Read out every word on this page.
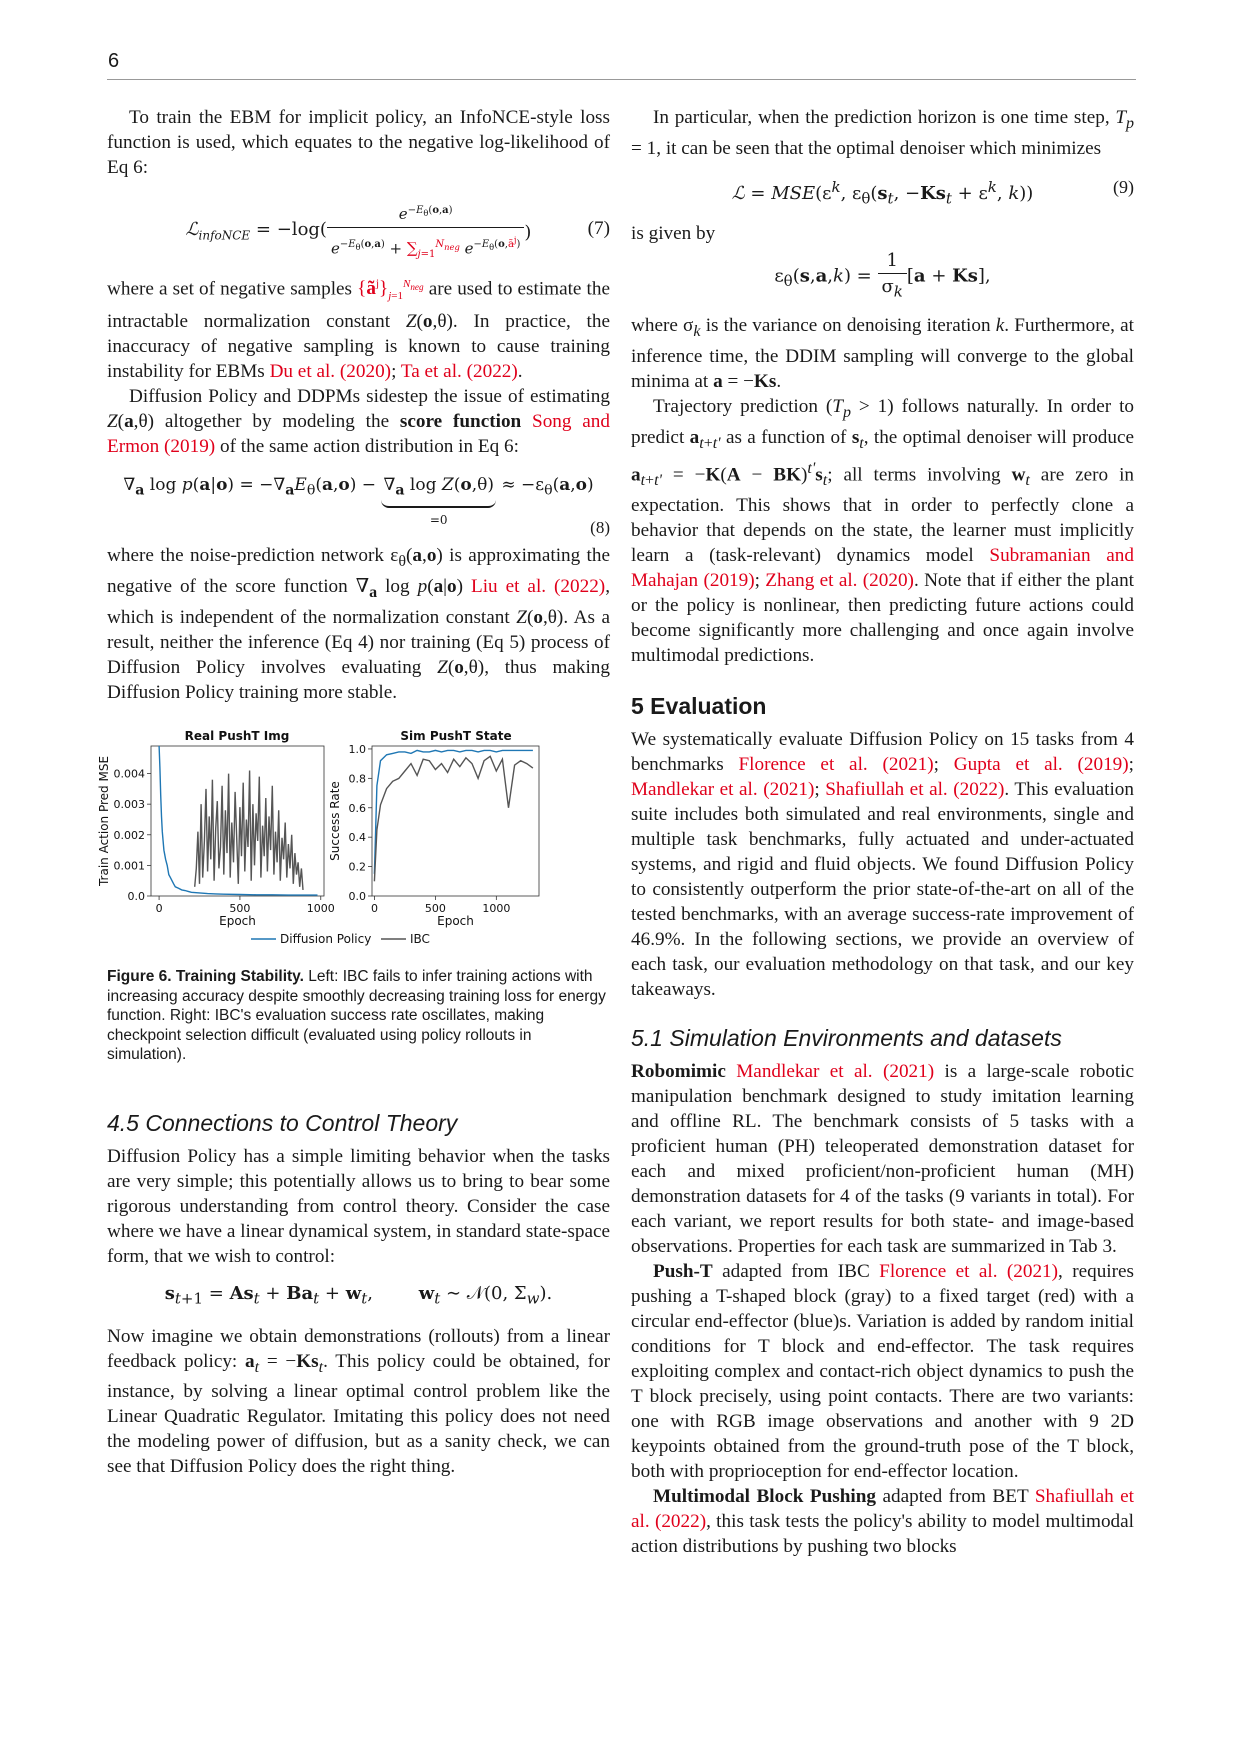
6

To train the EBM for implicit policy, an InfoNCE-style loss function is used, which equates to the negative log-likelihood of Eq 6:

ℒ$_{infoNCE}$ = $-\log( \frac{e^{-E_\theta(o,a)}}{e^{-E_\theta(o,a)} + \sum_{j=1}^{N_{neg}} e^{-E_\theta(o,ã^j)}}$ )	(7)

where a set of negative samples $\{ã^j\}_{j=1}^{N_{neg}}$ are used to estimate the intractable normalization constant Z(o,θ). In practice, the inaccuracy of negative sampling is known to cause training instability for EBMs Du et al. (2020); Ta et al. (2022).

Diffusion Policy and DDPMs sidestep the issue of estimating Z(a,θ) altogether by modeling the score function Song and Ermon (2019) of the same action distribution in Eq 6:

$\nabla_a$ $\log p(a|o) = -\nabla_aE_\theta(a,o) - \nabla_a$ log Z(o,θ)
=0
≈ $-\varepsilon_\theta(a,o)$
(8)

where the noise-prediction network $\varepsilon_\theta(a,o)$ is approximating the negative of the score function $\nabla_a$ log p(a|o) Liu et al. (2022), which is independent of the normalization constant Z(o,θ). As a result, neither the inference (Eq 4) nor training (Eq 5) process of Diffusion Policy involves evaluating Z(o,θ), thus making Diffusion Policy training more stable.

0.0
0.001
0.002
0.003
0.004
0	500	1000
Real PushT Img
Epoch
Train Action Pred MSE
0.0
0.2
0.4
0.6
0.8
1.0
0	500	1000
Sim PushT State
Epoch
Success Rate
Diffusion Policy	IBC
Figure 6. Training Stability. Left: IBC fails to infer training actions with increasing accuracy despite smoothly decreasing training loss for energy function. Right: IBC's evaluation success rate oscillates, making checkpoint selection difficult (evaluated using policy rollouts in simulation).
4.5 Connections to Control Theory

Diffusion Policy has a simple limiting behavior when the tasks are very simple; this potentially allows us to bring to bear some rigorous understanding from control theory. Consider the case where we have a linear dynamical system, in standard state-space form, that we wish to control:

$s_{t+1} = As_t + Ba_t + w_t$,        $w_t$ ∼ 𝒩(0, $\Sigma_w$).

Now imagine we obtain demonstrations (rollouts) from a linear feedback policy: $a_t = -Ks_t$. This policy could be obtained, for instance, by solving a linear optimal control problem like the Linear Quadratic Regulator. Imitating this policy does not need the modeling power of diffusion, but as a sanity check, we can see that Diffusion Policy does the right thing.

In particular, when the prediction horizon is one time step, $T_p = 1$, it can be seen that the optimal denoiser which minimizes

ℒ = $MSE(\varepsilon^k$, $\varepsilon_\theta(s_t$, $-Ks_t + \varepsilon^k$, k))	(9)

is given by

$\varepsilon_\theta(s,a,k) = \frac{1}{\sigma_k} [a + Ks]$,

where $\sigma_k$ is the variance on denoising iteration k. Furthermore, at inference time, the DDIM sampling will converge to the global minima at a = −Ks.

Trajectory prediction $(T_p > 1)$ follows naturally. In order to predict $a_{t+t'}$ as a function of $s_t$, the optimal denoiser will produce $a_{t+t'} = -K(A - BK)^{t'}s_t$; all terms involving $w_t$ are zero in expectation. This shows that in order to perfectly clone a behavior that depends on the state, the learner must implicitly learn a (task-relevant) dynamics model Subramanian and Mahajan (2019); Zhang et al. (2020). Note that if either the plant or the policy is nonlinear, then predicting future actions could become significantly more challenging and once again involve multimodal predictions.

5 Evaluation

We systematically evaluate Diffusion Policy on 15 tasks from 4 benchmarks Florence et al. (2021); Gupta et al. (2019); Mandlekar et al. (2021); Shafiullah et al. (2022). This evaluation suite includes both simulated and real environments, single and multiple task benchmarks, fully actuated and under-actuated systems, and rigid and fluid objects. We found Diffusion Policy to consistently outperform the prior state-of-the-art on all of the tested benchmarks, with an average success-rate improvement of 46.9%. In the following sections, we provide an overview of each task, our evaluation methodology on that task, and our key takeaways.

5.1 Simulation Environments and datasets

Robomimic Mandlekar et al. (2021) is a large-scale robotic manipulation benchmark designed to study imitation learning and offline RL. The benchmark consists of 5 tasks with a proficient human (PH) teleoperated demonstration dataset for each and mixed proficient/non-proficient human (MH) demonstration datasets for 4 of the tasks (9 variants in total). For each variant, we report results for both state- and image-based observations. Properties for each task are summarized in Tab 3.

Push-T adapted from IBC Florence et al. (2021), requires pushing a T-shaped block (gray) to a fixed target (red) with a circular end-effector (blue)s. Variation is added by random initial conditions for T block and end-effector. The task requires exploiting complex and contact-rich object dynamics to push the T block precisely, using point contacts. There are two variants: one with RGB image observations and another with 9 2D keypoints obtained from the ground-truth pose of the T block, both with proprioception for end-effector location.

Multimodal Block Pushing adapted from BET Shafiullah et al. (2022), this task tests the policy's ability to model multimodal action distributions by pushing two blocks
